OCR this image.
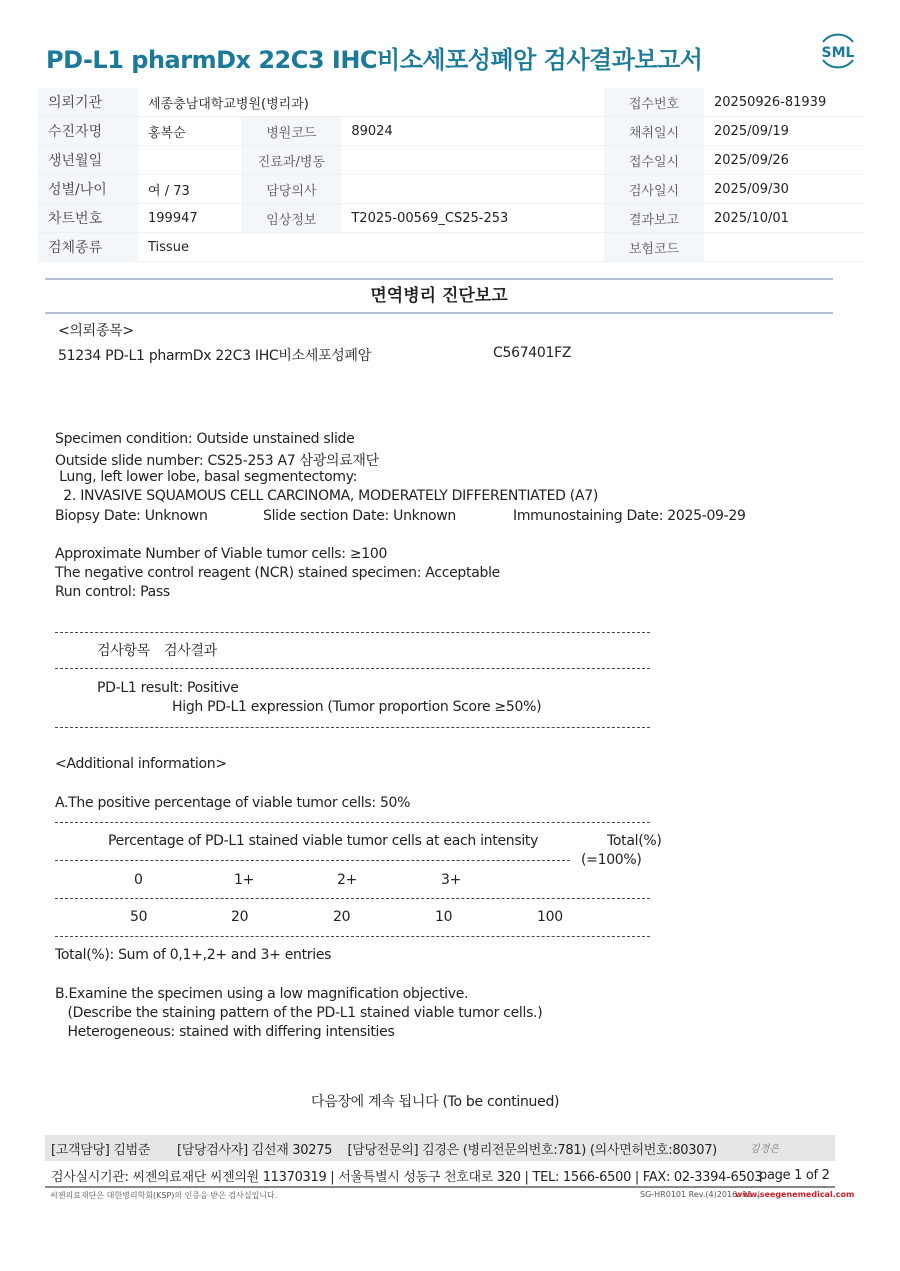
PD-L1 pharmDx 22C3 IHC비소세포성폐암 검사결과보고서	SML
의뢰기관	세종충남대학교병원(병리과)			접수번호	20250926-81939
수진자명	홍복순	병원코드	89024	채취일시	2025/09/19
생년월일		진료과/병동		접수일시	2025/09/26
성별/나이	여 / 73	담당의사		검사일시	2025/09/30
차트번호	199947	임상정보	T2025-00569_CS25-253	결과보고	2025/10/01
검체종류	Tissue			보험코드	
면역병리 진단보고
<의뢰종목>
51234 PD-L1 pharmDx 22C3 IHC비소세포성폐암	C567401FZ
Specimen condition: Outside unstained slide
Outside slide number: CS25-253 A7 삼광의료재단
Lung, left lower lobe, basal segmentectomy:
2. INVASIVE SQUAMOUS CELL CARCINOMA, MODERATELY DIFFERENTIATED (A7)
Biopsy Date: Unknown	Slide section Date: Unknown	Immunostaining Date: 2025-09-29
Approximate Number of Viable tumor cells: ≥100
The negative control reagent (NCR) stained specimen: Acceptable
Run control: Pass
검사항목 검사결과
PD-L1 result: Positive
High PD-L1 expression (Tumor proportion Score ≥50%)
<Additional information>
A.The positive percentage of viable tumor cells: 50%
Percentage of PD-L1 stained viable tumor cells at each intensity	Total(%)
(=100%)
0	1+	2+	3+
50	20	20	10	100
Total(%): Sum of 0,1+,2+ and 3+ entries
B.Examine the specimen using a low magnification objective.
(Describe the staining pattern of the PD-L1 stained viable tumor cells.)
Heterogeneous: stained with differing intensities
다음장에 계속 됩니다 (To be continued)

[고객담당] 김범준       [담당검사자] 김선재 30275    [담당전문의] 김경은 (병리전문의번호:781) (의사면허번호:80307)

	김경은

검사실시기관: 씨젠의료재단 씨젠의원 11370319 | 서울특별시 성동구 천호대로 320 | TEL: 1566-6500 | FAX: 02-3394-6503

page 1 of 2

씨젠의료재단은 대한병리학회(KSP)의 인증을 받은 검사실입니다.	SG-HR0101 Rev.(4)2016. 11  |
www.seegenemedical.com
